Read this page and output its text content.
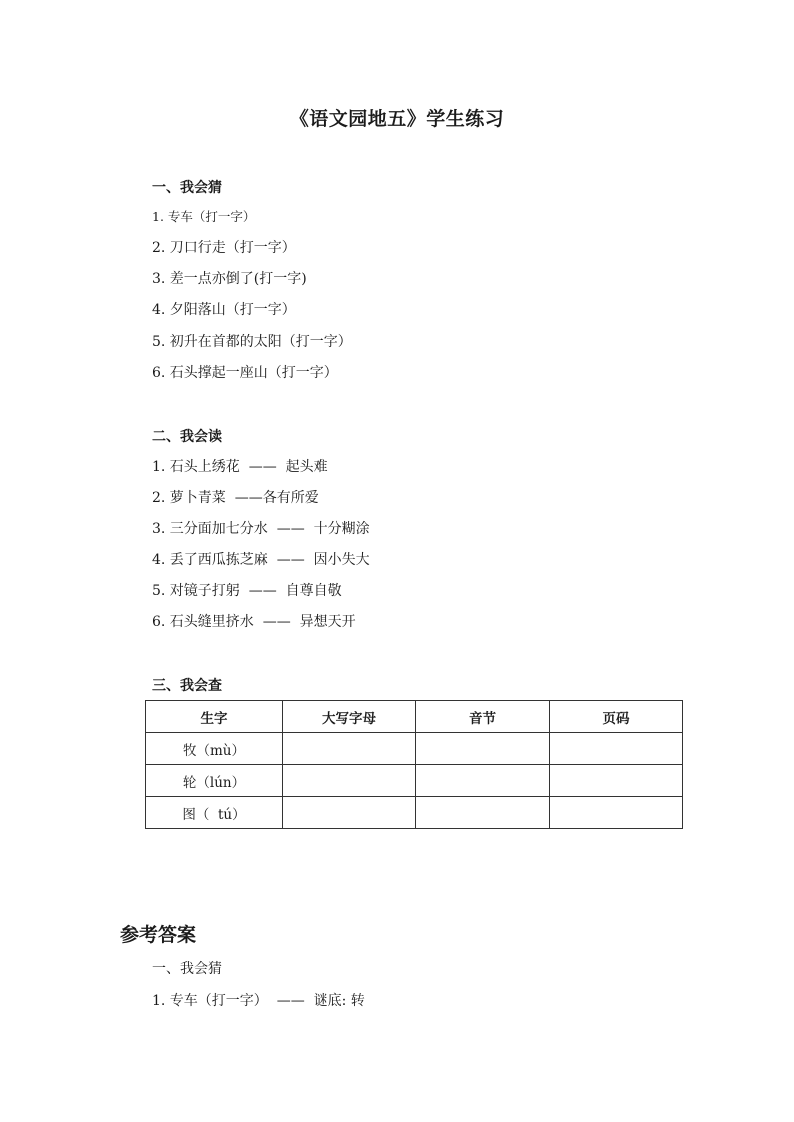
《语文园地五》学生练习
一、我会猜
1. 专车（打一字）
2. 刀口行走（打一字）
3. 差一点亦倒了(打一字)
4. 夕阳落山（打一字）
5. 初升在首都的太阳（打一字）
6. 石头撑起一座山（打一字）
二、我会读
1. 石头上绣花  ——  起头难
2. 萝卜青菜  ——各有所爱
3. 三分面加七分水  ——  十分糊涂
4. 丢了西瓜拣芝麻  ——  因小失大
5. 对镜子打躬  ——  自尊自敬
6. 石头缝里挤水  ——  异想天开
三、我会查
生字	大写字母	音节	页码
牧（mù）			
轮（lún）			
图（  tú）			
参考答案
一、我会猜
1. 专车（打一字）  ——  谜底: 转
